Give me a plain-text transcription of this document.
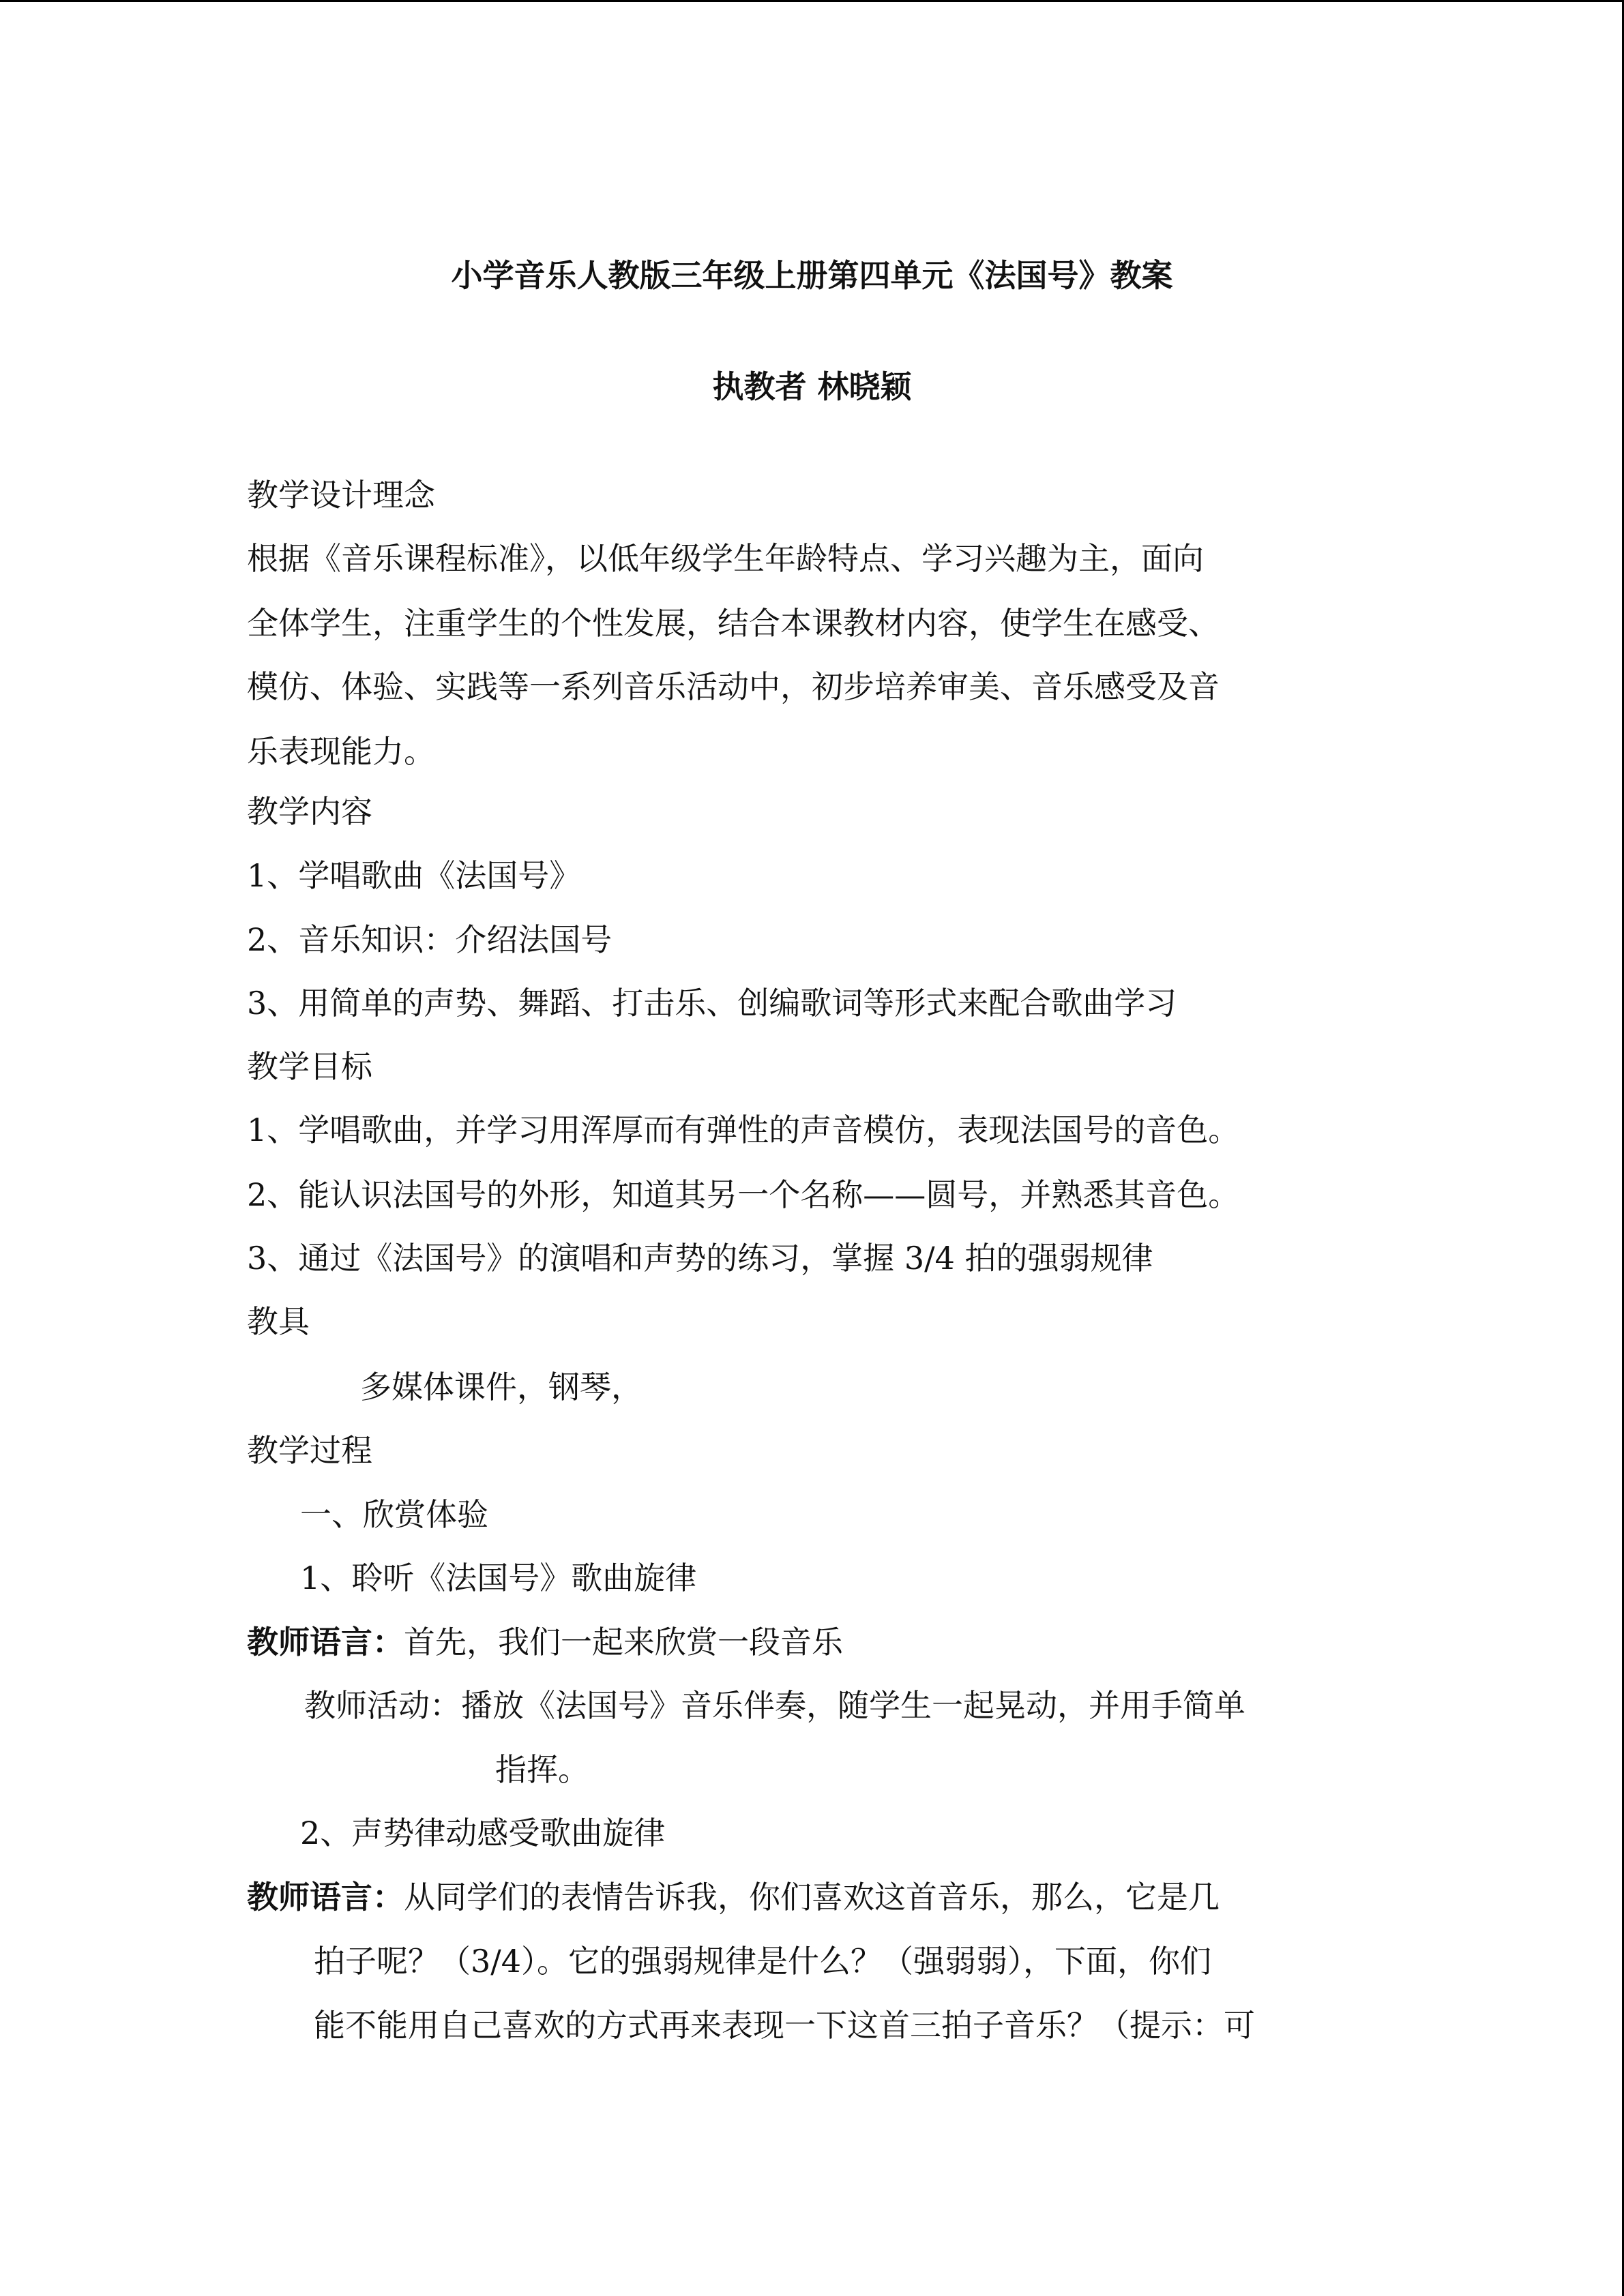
小学音乐人教版三年级上册第四单元《法国号》教案
执教者 林晓颖
教学设计理念
根据《音乐课程标准》，以低年级学生年龄特点、学习兴趣为主，面向
全体学生，注重学生的个性发展，结合本课教材内容，使学生在感受、
模仿、体验、实践等一系列音乐活动中，初步培养审美、音乐感受及音
乐表现能力。
教学内容
1、学唱歌曲《法国号》
2、音乐知识：介绍法国号
3、用简单的声势、舞蹈、打击乐、创编歌词等形式来配合歌曲学习
教学目标
1、学唱歌曲，并学习用浑厚而有弹性的声音模仿，表现法国号的音色。
2、能认识法国号的外形，知道其另一个名称——圆号，并熟悉其音色。
3、通过《法国号》的演唱和声势的练习，掌握 3/4 拍的强弱规律
教具
多媒体课件，钢琴，
教学过程
一、欣赏体验
1、聆听《法国号》歌曲旋律
教师语言：首先，我们一起来欣赏一段音乐
教师活动：播放《法国号》音乐伴奏，随学生一起晃动，并用手简单
指挥。
2、声势律动感受歌曲旋律
教师语言：从同学们的表情告诉我，你们喜欢这首音乐，那么，它是几
拍子呢？（3/4）。它的强弱规律是什么？（强弱弱），下面，你们
能不能用自己喜欢的方式再来表现一下这首三拍子音乐？（提示：可
